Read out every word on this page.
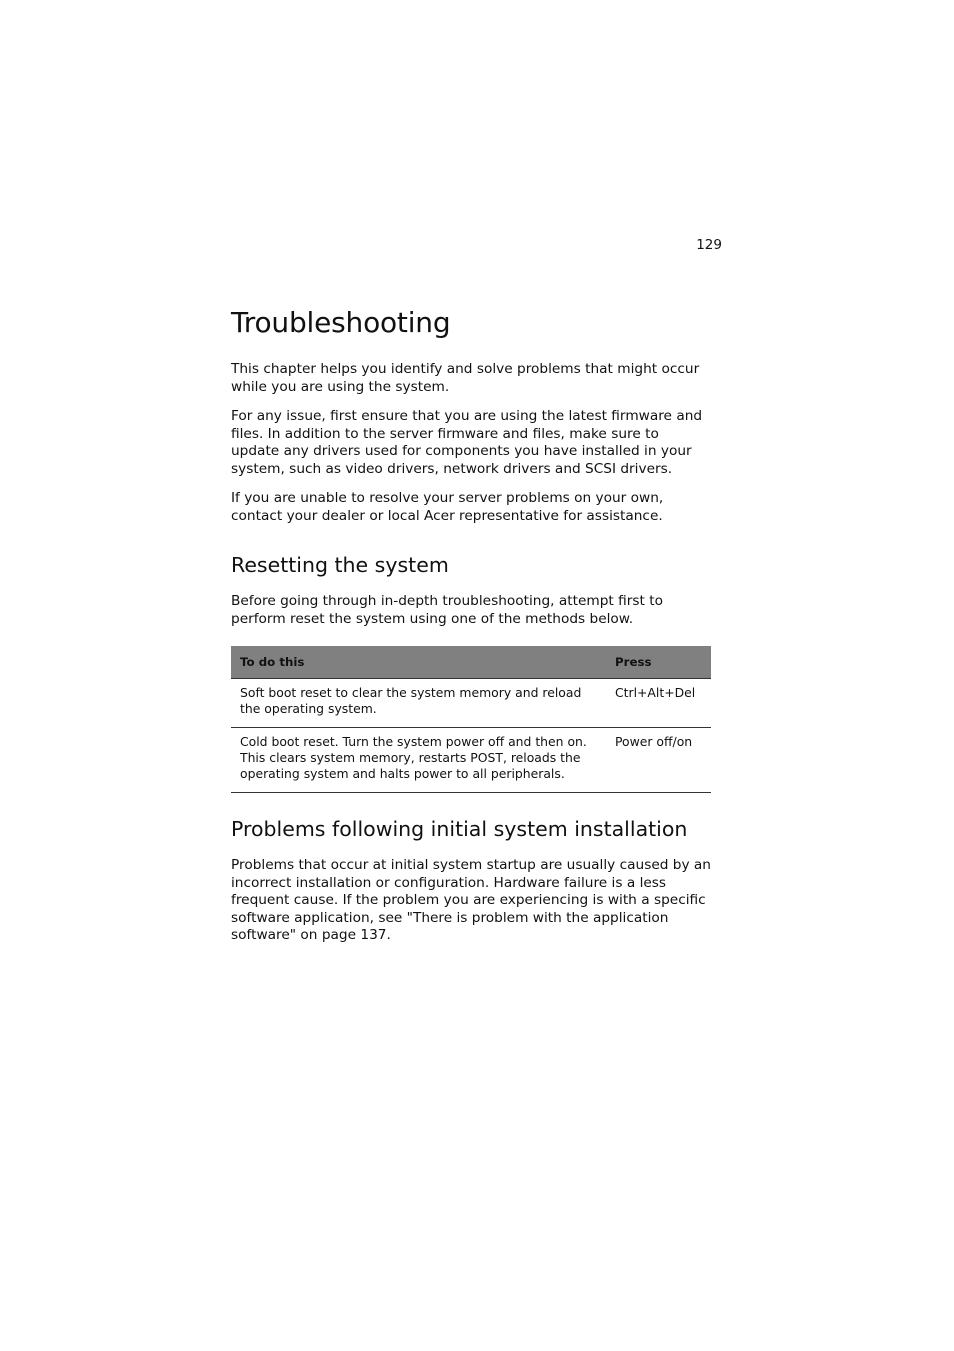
129
Troubleshooting

This chapter helps you identify and solve problems that might occur while you are using the system.

For any issue, first ensure that you are using the latest firmware and files. In addition to the server firmware and files, make sure to update any drivers used for components you have installed in your system, such as video drivers, network drivers and SCSI drivers.

If you are unable to resolve your server problems on your own, contact your dealer or local Acer representative for assistance.

Resetting the system

Before going through in-depth troubleshooting, attempt first to perform reset the system using one of the methods below.

To do this	Press
Soft boot reset to clear the system memory and reload the operating system.	Ctrl+Alt+Del
Cold boot reset. Turn the system power off and then on. This clears system memory, restarts POST, reloads the operating system and halts power to all peripherals.	Power off/on
Problems following initial system installation

Problems that occur at initial system startup are usually caused by an incorrect installation or configuration. Hardware failure is a less frequent cause. If the problem you are experiencing is with a specific software application, see "There is problem with the application software" on page 137.
